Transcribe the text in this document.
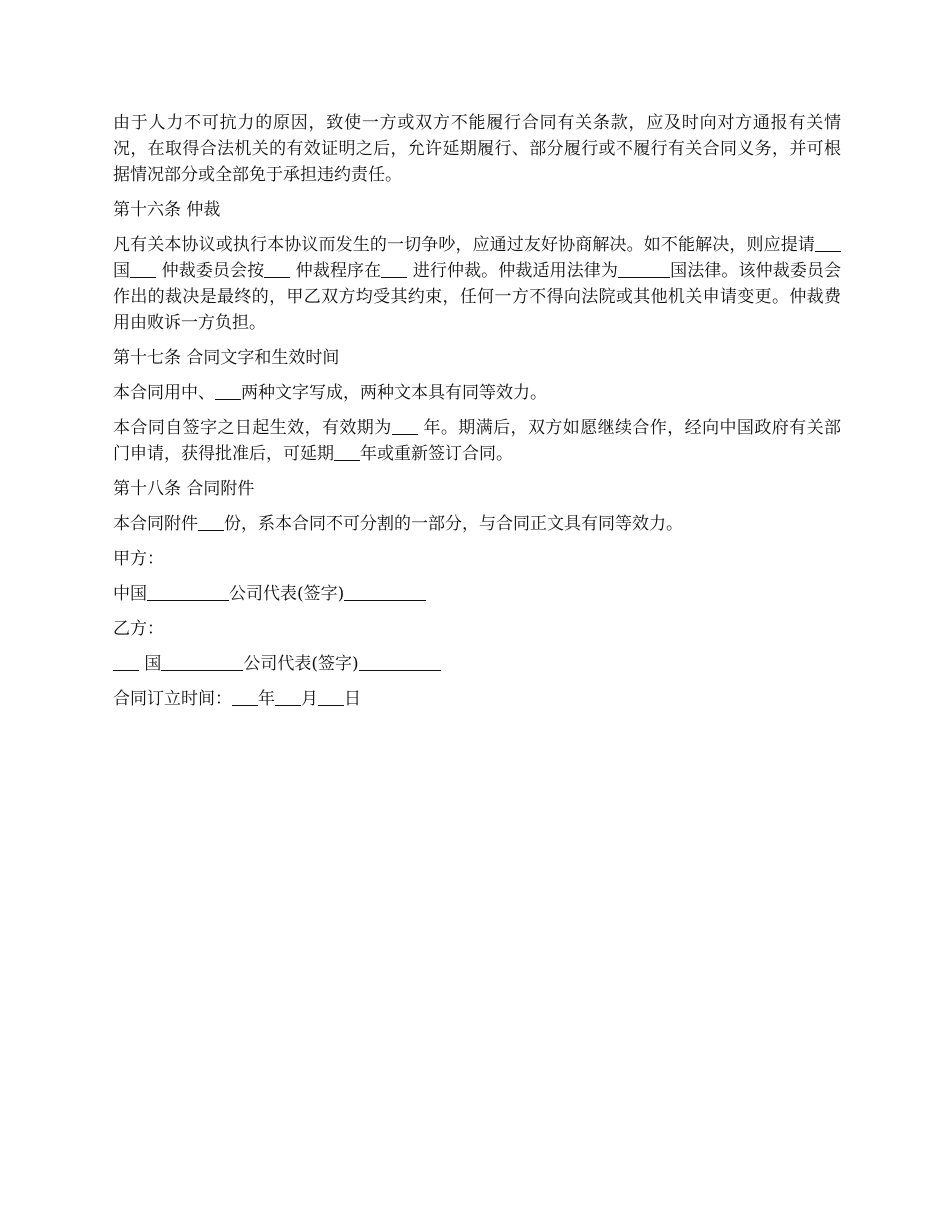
由于人力不可抗力的原因，致使一方或双方不能履行合同有关条款，应及时向对方通报有关情况，在取得合法机关的有效证明之后，允许延期履行、部分履行或不履行有关合同义务，并可根据情况部分或全部免于承担违约责任。

第十六条 仲裁

凡有关本协议或执行本协议而发生的一切争吵，应通过友好协商解决。如不能解决，则应提请国 仲裁委员会按 仲裁程序在 进行仲裁。仲裁适用法律为	国法律。该仲裁委员会作出的裁决是最终的，甲乙双方均受其约束，任何一方不得向法院或其他机关申请变更。仲裁费用由败诉一方负担。

第十七条 合同文字和生效时间

本合同用中、 两种文字写成，两种文本具有同等效力。

本合同自签字之日起生效，有效期为 年。期满后，双方如愿继续合作，经向中国政府有关部门申请，获得批准后，可延期 年或重新签订合同。

第十八条 合同附件

本合同附件 份，系本合同不可分割的一部分，与合同正文具有同等效力。

甲方：

中国	公司代表(签字)

乙方：

国	公司代表(签字)

合同订立时间： 年 月 日
